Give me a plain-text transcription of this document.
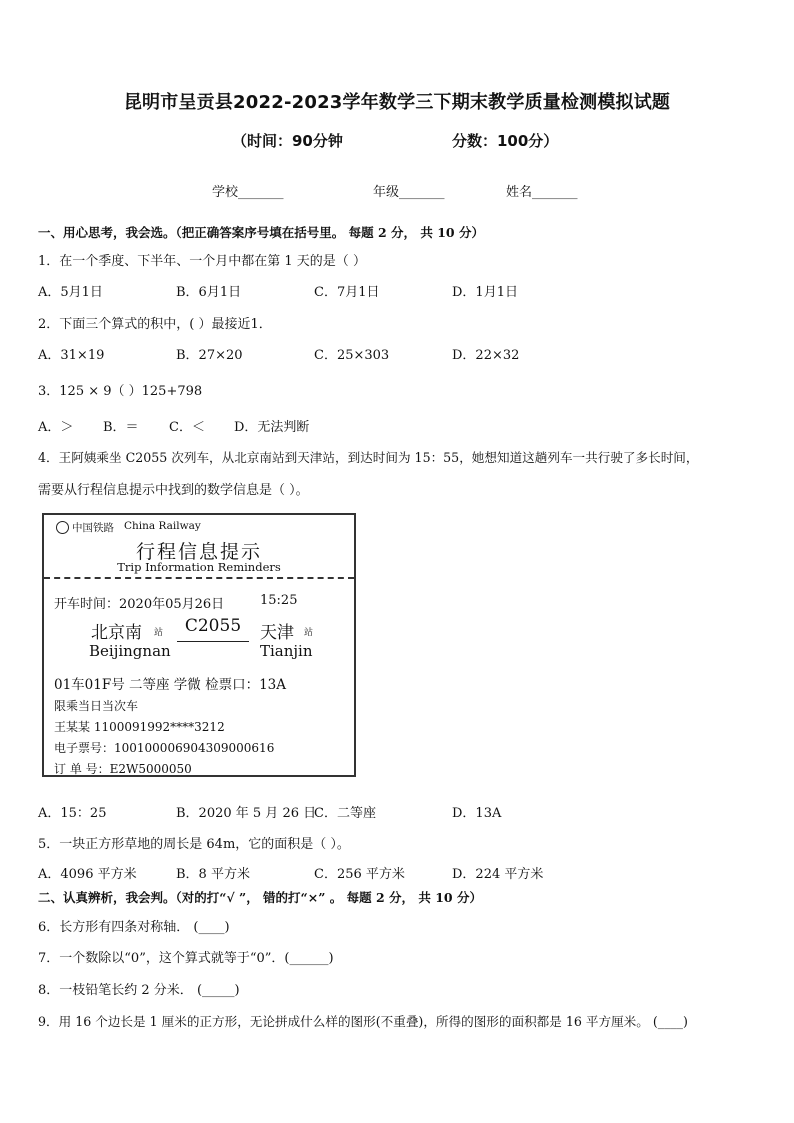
昆明市呈贡县2022-2023学年数学三下期末教学质量检测模拟试题
（时间：90分钟	分数：100分）
学校_______	年级_______	姓名_______
一、用心思考，我会选。（把正确答案序号填在括号里。 每题 2 分， 共 10 分）
1．在一个季度、下半年、一个月中都在第 1 天的是（ ）
A．5月1日	B．6月1日	C．7月1日	D．1月1日
2．下面三个算式的积中，( ）最接近1．
A．31×19	B．27×20	C．25×303	D．22×32
3．125 × 9（ ）125+798
A．＞ B．＝ C．＜ D．无法判断
4．王阿姨乘坐 C2055 次列车，从北京南站到天津站，到达时间为 15：55，她想知道这趟列车一共行驶了多长时间，
需要从行程信息提示中找到的数学信息是（ ）。
中国铁路 China Railway
行程信息提示
Trip Information Reminders
开车时间：2020年05月26日	15:25
北京南 站	C2055	天津 站
Beijingnan	Tianjin
01车01F号 二等座 学微 检票口：13A
限乘当日当次车
王某某 1100091992****3212
电子票号：10010000690430900061​6
订 单 号：E2W5000050
A．15：25	B．2020 年 5 月 26 日
C．二等座	D．13A
5．一块正方形草地的周长是 64m，它的面积是（ ）。
A．4096 平方米	B．8 平方米	C．256 平方米	D．224 平方米
二、认真辨析，我会判。（对的打“√ ”， 错的打“×” 。 每题 2 分， 共 10 分）
6．长方形有四条对称轴． (____)
7．一个数除以“0”，这个算式就等于“0”．(______)
8．一枝铅笔长约 2 分米． (_____)
9．用 16 个边长是 1 厘米的正方形，无论拼成什么样的图形(不重叠)，所得的图形的面积都是 16 平方厘米。 (____)
